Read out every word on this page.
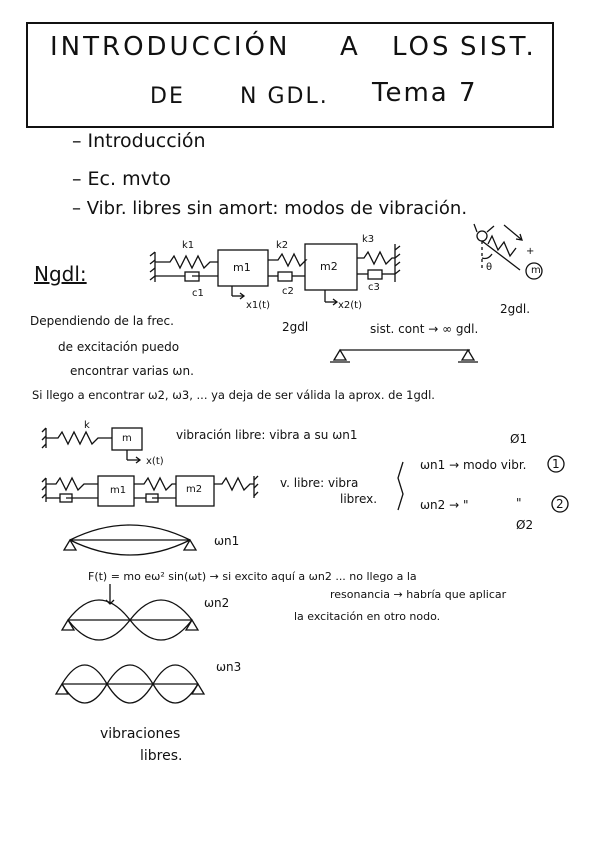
INTRODUCCIÓN A LOS SIST.
DE	N GDL. Tema 7
– Introducción
– Ec. mvto
– Vibr. libres sin amort: modos de vibración.
Ngdl:
k1	k2
k3
c1	c2	c3
m1	m2
x1(t)	x2(t)
2gdl
2gdl.
θ	m
+
sist. cont → ∞ gdl.
Dependiendo de la frec.
de excitación puedo
encontrar varias ωn.
Si llego a encontrar ω2, ω3, ... ya deja de ser válida la aprox. de 1gdl.
k
m
x(t)
vibración libre: vibra a su ωn1	Ø1
m1	m2	v. libre: vibra
librex.
ωn1 → modo vibr. 1
ωn2 → "	"	2
Ø2
ωn1
F(t) = mo eω² sin(ωt) → si excito aquí a ωn2 ... no llego a la
resonancia → habría que aplicar
la excitación en otro nodo.
ωn2
ωn3
vibraciones
libres.
